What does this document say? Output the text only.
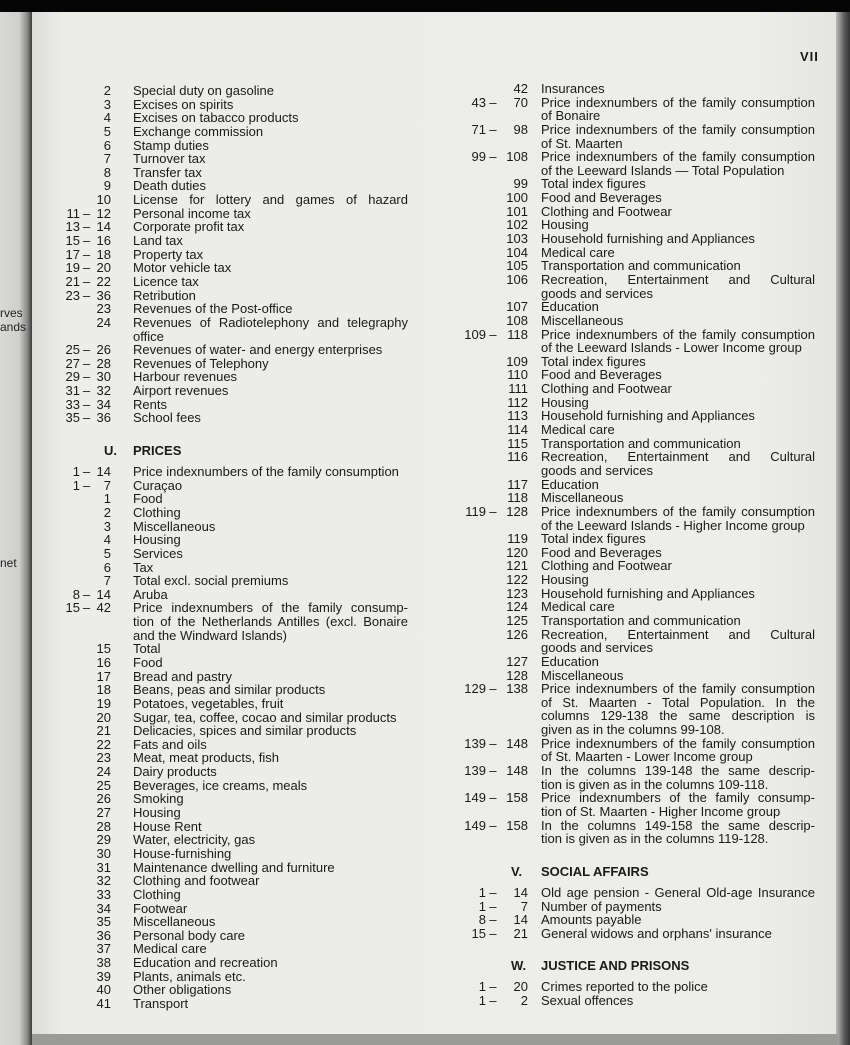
rves
ands
net
VII
2 Special duty on gasoline
3 Excises on spirits
4 Excises on tabacco products
5 Exchange commission
6 Stamp duties
7 Turnover tax
8 Transfer tax
9 Death duties
10 License for lottery and games of hazard
11 – 12 Personal income tax
13 – 14 Corporate profit tax
15 – 16 Land tax
17 – 18 Property tax
19 – 20 Motor vehicle tax
21 – 22 Licence tax
23 – 36 Retribution
23 Revenues of the Post-office
24 Revenues of Radiotelephony and telegraphy
office
25 – 26 Revenues of water- and energy enterprises
27 – 28 Revenues of Telephony
29 – 30 Harbour revenues
31 – 32 Airport revenues
33 – 34 Rents
35 – 36 School fees
U. PRICES
1 – 14 Price indexnumbers of the family consumption
1 –	7 Curaçao
1 Food
2 Clothing
3 Miscellaneous
4 Housing
5 Services
6 Tax
7 Total excl. social premiums
8 – 14 Aruba
15 – 42 Price indexnumbers of the family consump-
tion of the Netherlands Antilles (excl. Bonaire
and the Windward Islands)
15 Total
16 Food
17 Bread and pastry
18 Beans, peas and similar products
19 Potatoes, vegetables, fruit
20 Sugar, tea, coffee, cocao and similar products
21 Delicacies, spices and similar products
22 Fats and oils
23 Meat, meat products, fish
24 Dairy products
25 Beverages, ice creams, meals
26 Smoking
27 Housing
28 House Rent
29 Water, electricity, gas
30 House-furnishing
31 Maintenance dwelling and furniture
32 Clothing and footwear
33 Clothing
34 Footwear
35 Miscellaneous
36 Personal body care
37 Medical care
38 Education and recreation
39 Plants, animals etc.
40 Other obligations
41 Transport
42 Insurances
43 –	70 Price indexnumbers of the family consumption
of Bonaire
71 –	98 Price indexnumbers of the family consumption
of St. Maarten
99 – 108 Price indexnumbers of the family consumption
of the Leeward Islands — Total Population
99 Total index figures
100 Food and Beverages
101 Clothing and Footwear
102 Housing
103 Household furnishing and Appliances
104 Medical care
105 Transportation and communication
106 Recreation, Entertainment and Cultural
goods and services
107 Education
108 Miscellaneous
109 – 118 Price indexnumbers of the family consumption
of the Leeward Islands - Lower Income group
109 Total index figures
110 Food and Beverages
111 Clothing and Footwear
112 Housing
113 Household furnishing and Appliances
114 Medical care
115 Transportation and communication
116 Recreation, Entertainment and Cultural
goods and services
117 Education
118 Miscellaneous
119 – 128 Price indexnumbers of the family consumption
of the Leeward Islands - Higher Income group
119 Total index figures
120 Food and Beverages
121 Clothing and Footwear
122 Housing
123 Household furnishing and Appliances
124 Medical care
125 Transportation and communication
126 Recreation, Entertainment and Cultural
goods and services
127 Education
128 Miscellaneous
129 – 138 Price indexnumbers of the family consumption
of St. Maarten - Total Population. In the
columns 129-138 the same description is
given as in the columns 99-108.
139 – 148 Price indexnumbers of the family consumption
of St. Maarten - Lower Income group
139 – 148 In the columns 139-148 the same descrip-
tion is given as in the columns 109-118.
149 – 158 Price indexnumbers of the family consump-
tion of St. Maarten - Higher Income group
149 – 158 In the columns 149-158 the same descrip-
tion is given as in the columns 119-128.
V. SOCIAL AFFAIRS
1 –	14 Old age pension - General Old-age Insurance
1 –	7 Number of payments
8 –	14 Amounts payable
15 –	21 General widows and orphans' insurance
W. JUSTICE AND PRISONS
1 –	20 Crimes reported to the police
1 –	2 Sexual offences
